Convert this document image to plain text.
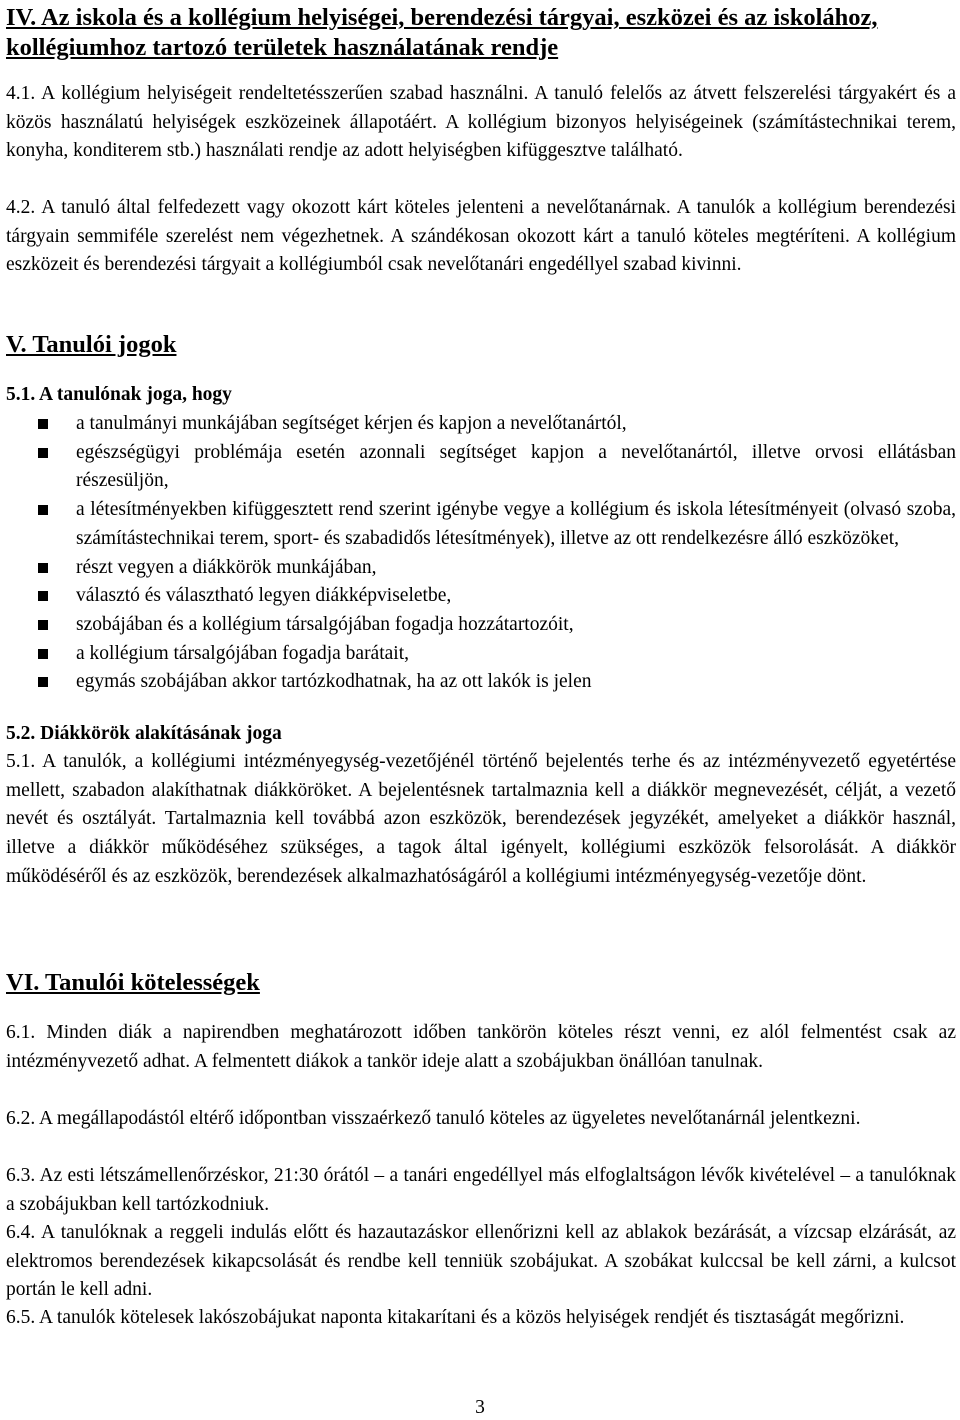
IV. Az iskola és a kollégium helyiségei, berendezési tárgyai, eszközei és az iskolához, kollégiumhoz tartozó területek használatának rendje
4.1. A kollégium helyiségeit rendeltetésszerűen szabad használni. A tanuló felelős az átvett felszerelési tárgyakért és a közös használatú helyiségek eszközeinek állapotáért. A kollégium bizonyos helyiségeinek (számítástechnikai terem, konyha, konditerem stb.) használati rendje az adott helyiségben kifüggesztve található.
4.2. A tanuló által felfedezett vagy okozott kárt köteles jelenteni a nevelőtanárnak. A tanulók a kollégium berendezési tárgyain semmiféle szerelést nem végezhetnek. A szándékosan okozott kárt a tanuló köteles megtéríteni. A kollégium eszközeit és berendezési tárgyait a kollégiumból csak nevelőtanári engedéllyel szabad kivinni.
V. Tanulói jogok
5.1. A tanulónak joga, hogy
a tanulmányi munkájában segítséget kérjen és kapjon a nevelőtanártól,
egészségügyi problémája esetén azonnali segítséget kapjon a nevelőtanártól, illetve orvosi ellátásban részesüljön,
a létesítményekben kifüggesztett rend szerint igénybe vegye a kollégium és iskola létesítményeit (olvasó szoba, számítástechnikai terem, sport- és szabadidős létesítmények), illetve az ott rendelkezésre álló eszközöket,
részt vegyen a diákkörök munkájában,
választó és választható legyen diákképviseletbe,
szobájában és a kollégium társalgójában fogadja hozzátartozóit,
a kollégium társalgójában fogadja barátait,
egymás szobájában akkor tartózkodhatnak, ha az ott lakók is jelen
5.2. Diákkörök alakításának joga
5.1. A tanulók, a kollégiumi intézményegység-vezetőjénél történő bejelentés terhe és az intézményvezető egyetértése mellett, szabadon alakíthatnak diákköröket. A bejelentésnek tartalmaznia kell a diákkör megnevezését, célját, a vezető nevét és osztályát. Tartalmaznia kell továbbá azon eszközök, berendezések jegyzékét, amelyeket a diákkör használ, illetve a diákkör működéséhez szükséges, a tagok által igényelt, kollégiumi eszközök felsorolását. A diákkör működéséről és az eszközök, berendezések alkalmazhatóságáról a kollégiumi intézményegység-vezetője dönt.
VI. Tanulói kötelességek
6.1. Minden diák a napirendben meghatározott időben tankörön köteles részt venni, ez alól felmentést csak az intézményvezető adhat. A felmentett diákok a tankör ideje alatt a szobájukban önállóan tanulnak.
6.2. A megállapodástól eltérő időpontban visszaérkező tanuló köteles az ügyeletes nevelőtanárnál jelentkezni.
6.3. Az esti létszámellenőrzéskor, 21:30 órától – a tanári engedéllyel más elfoglaltságon lévők kivételével – a tanulóknak a szobájukban kell tartózkodniuk.
6.4. A tanulóknak a reggeli indulás előtt és hazautazáskor ellenőrizni kell az ablakok bezárását, a vízcsap elzárását, az elektromos berendezések kikapcsolását és rendbe kell tenniük szobájukat. A szobákat kulccsal be kell zárni, a kulcsot portán le kell adni.
6.5. A tanulók kötelesek lakószobájukat naponta kitakarítani és a közös helyiségek rendjét és tisztaságát megőrizni.
3
